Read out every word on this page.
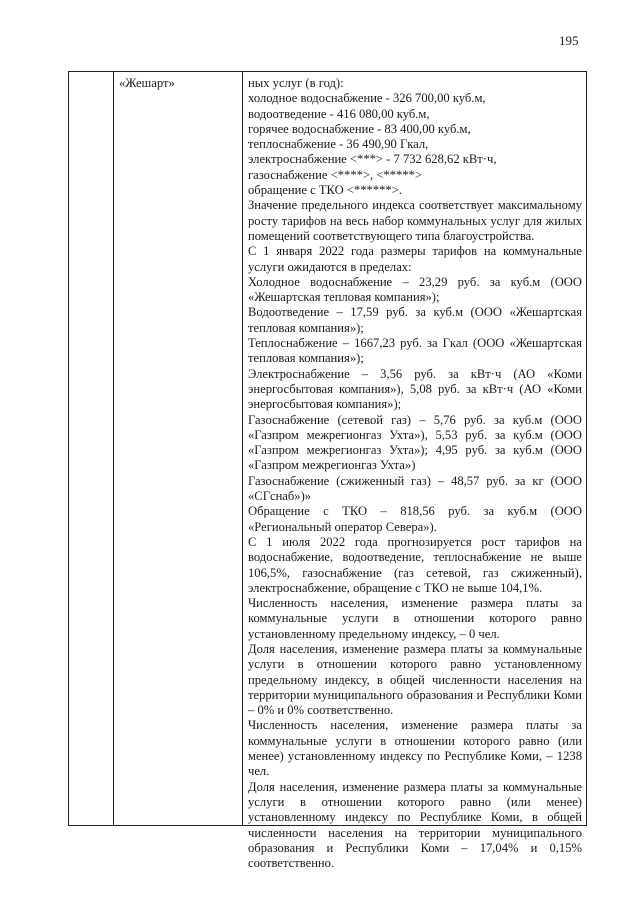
195
«Жешарт»	ных услуг (в год):

холодное водоснабжение - 326 700,00 куб.м,

водоотведение - 416 080,00 куб.м,

горячее водоснабжение - 83 400,00 куб.м,

теплоснабжение - 36 490,90 Гкал,

электроснабжение <***> - 7 732 628,62 кВт·ч,

газоснабжение <****>, <*****>

обращение с ТКО <******>.

Значение предельного индекса соответствует максимальному росту тарифов на весь набор коммунальных услуг для жилых помещений соответствующего типа благоустройства.

С 1 января 2022 года размеры тарифов на коммунальные услуги ожидаются в пределах:

Холодное водоснабжение – 23,29 руб. за куб.м (ООО «Жешартская тепловая компания»);

Водоотведение – 17,59 руб. за куб.м (ООО «Жешартская тепловая компания»);

Теплоснабжение – 1667,23 руб. за Гкал (ООО «Жешартская тепловая компания»);

Электроснабжение – 3,56 руб. за кВт·ч (АО «Коми энергосбытовая компания»), 5,08 руб. за кВт·ч (АО «Коми энергосбытовая компания»);

Газоснабжение (сетевой газ) – 5,76 руб. за куб.м (ООО «Газпром межрегионгаз Ухта»), 5,53 руб. за куб.м (ООО «Газпром межрегионгаз Ухта»); 4,95 руб. за куб.м (ООО «Газпром межрегионгаз Ухта»)

Газоснабжение (сжиженный газ) – 48,57 руб. за кг (ООО «СГснаб»)»

Обращение с ТКО – 818,56 руб. за куб.м (ООО «Региональный оператор Севера»).

С 1 июля 2022 года прогнозируется рост тарифов на водоснабжение, водоотведение, теплоснабжение не выше 106,5%, газоснабжение (газ сетевой, газ сжиженный), электроснабжение, обращение с ТКО не выше 104,1%.

Численность населения, изменение размера платы за коммунальные услуги в отношении которого равно установленному предельному индексу, – 0 чел.

Доля населения, изменение размера платы за коммунальные услуги в отношении которого равно установленному предельному индексу, в общей численности населения на территории муниципального образования и Республики Коми – 0% и 0% соответственно.

Численность населения, изменение размера платы за коммунальные услуги в отношении которого равно (или менее) установленному индексу по Республике Коми, – 1238 чел.

Доля населения, изменение размера платы за коммунальные услуги в отношении которого равно (или менее) установленному индексу по Республике Коми, в общей численности населения на территории муниципального образования и Республики Коми – 17,04% и 0,15% соответственно.
